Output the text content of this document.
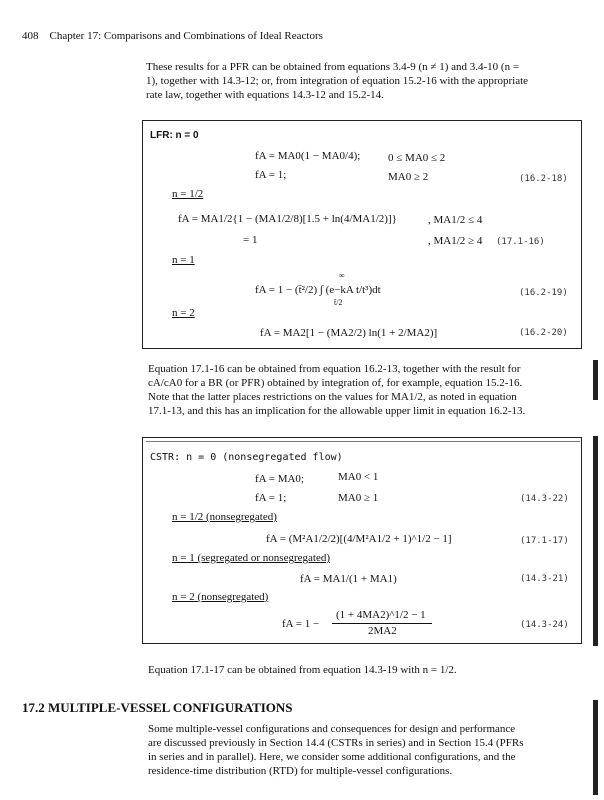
408 Chapter 17: Comparisons and Combinations of Ideal Reactors

These results for a PFR can be obtained from equations 3.4-9 (n ≠ 1) and 3.4-10 (n =

1), together with 14.3-12; or, from integration of equation 15.2-16 with the appropriate

rate law, together with equations 14.3-12 and 15.2-14.

LFR: n = 0
fA = MA0(1 − MA0/4);	0 ≤ MA0 ≤ 2
fA = 1;	MA0 ≥ 2	(16.2-18)
n = 1/2
fA = MA1/2{1 − (MA1/2/8)[1.5 + ln(4/MA1/2)]}	, MA1/2 ≤ 4
= 1	, MA1/2 ≥ 4 (17.1-16)
n = 1
∞
fA = 1 − (t̄²/2) ∫ (e−kA t/t³)dt
t̄/2
(16.2-19)
n = 2
fA = MA2[1 − (MA2/2) ln(1 + 2/MA2)]	(16.2-20)

Equation 17.1-16 can be obtained from equation 16.2-13, together with the result for

cA/cA0 for a BR (or PFR) obtained by integration of, for example, equation 15.2-16.

Note that the latter places restrictions on the values for MA1/2, as noted in equation

17.1-13, and this has an implication for the allowable upper limit in equation 16.2-13.

CSTR: n = 0 (nonsegregated flow)
fA = MA0;	MA0 < 1
fA = 1;	MA0 ≥ 1	(14.3-22)
n = 1/2 (nonsegregated)
fA = (M²A1/2/2)[(4/M²A1/2 + 1)^1/2 − 1]	(17.1-17)
n = 1 (segregated or nonsegregated)
fA = MA1/(1 + MA1)	(14.3-21)
n = 2 (nonsegregated)
fA = 1 −
(1 + 4MA2)^1/2 − 1
2MA2	(14.3-24)
Equation 17.1-17 can be obtained from equation 14.3-19 with n = 1/2.
17.2 MULTIPLE-VESSEL CONFIGURATIONS

Some multiple-vessel configurations and consequences for design and performance

are discussed previously in Section 14.4 (CSTRs in series) and in Section 15.4 (PFRs

in series and in parallel). Here, we consider some additional configurations, and the

residence-time distribution (RTD) for multiple-vessel configurations.
